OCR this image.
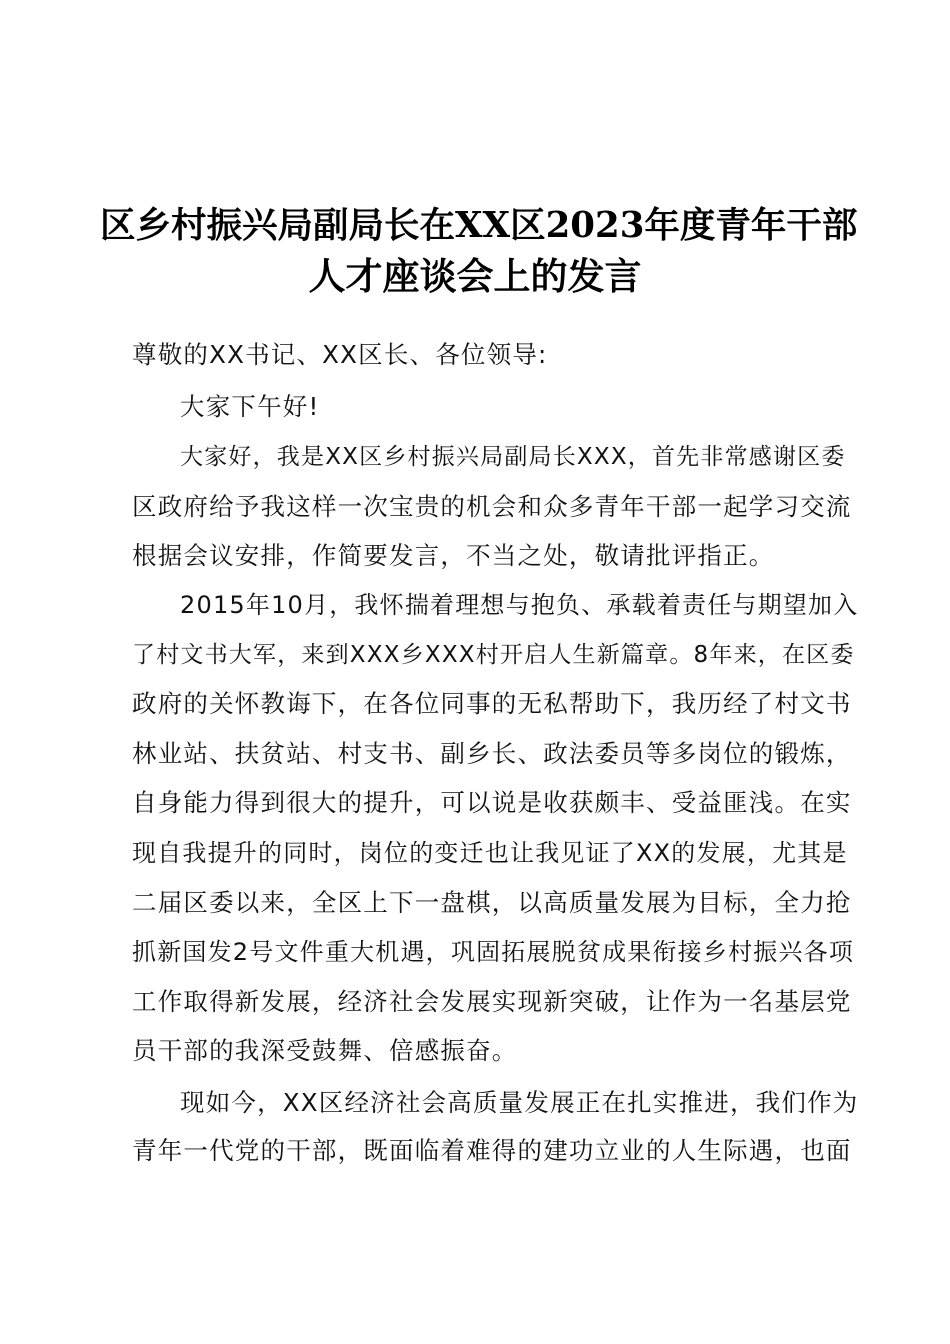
区乡村振兴局副局长在XX区2023年度青年干部
人才座谈会上的发言
尊敬的XX书记、XX区长、各位领导:
大家下午好!
大家好，我是XX区乡村振兴局副局长XXX，首先非常感谢区委
区政府给予我这样一次宝贵的机会和众多青年干部一起学习交流
根据会议安排，作简要发言，不当之处，敬请批评指正。
2015年10月，我怀揣着理想与抱负、承载着责任与期望加入
了村文书大军，来到XXX乡XXX村开启人生新篇章。8年来，在区委
政府的关怀教诲下，在各位同事的无私帮助下，我历经了村文书
林业站、扶贫站、村支书、副乡长、政法委员等多岗位的锻炼，
自身能力得到很大的提升，可以说是收获颇丰、受益匪浅。在实
现自我提升的同时，岗位的变迁也让我见证了XX的发展，尤其是
二届区委以来，全区上下一盘棋，以高质量发展为目标，全力抢
抓新国发2号文件重大机遇，巩固拓展脱贫成果衔接乡村振兴各项
工作取得新发展，经济社会发展实现新突破，让作为一名基层党
员干部的我深受鼓舞、倍感振奋。
现如今，XX区经济社会高质量发展正在扎实推进，我们作为
青年一代党的干部，既面临着难得的建功立业的人生际遇，也面
